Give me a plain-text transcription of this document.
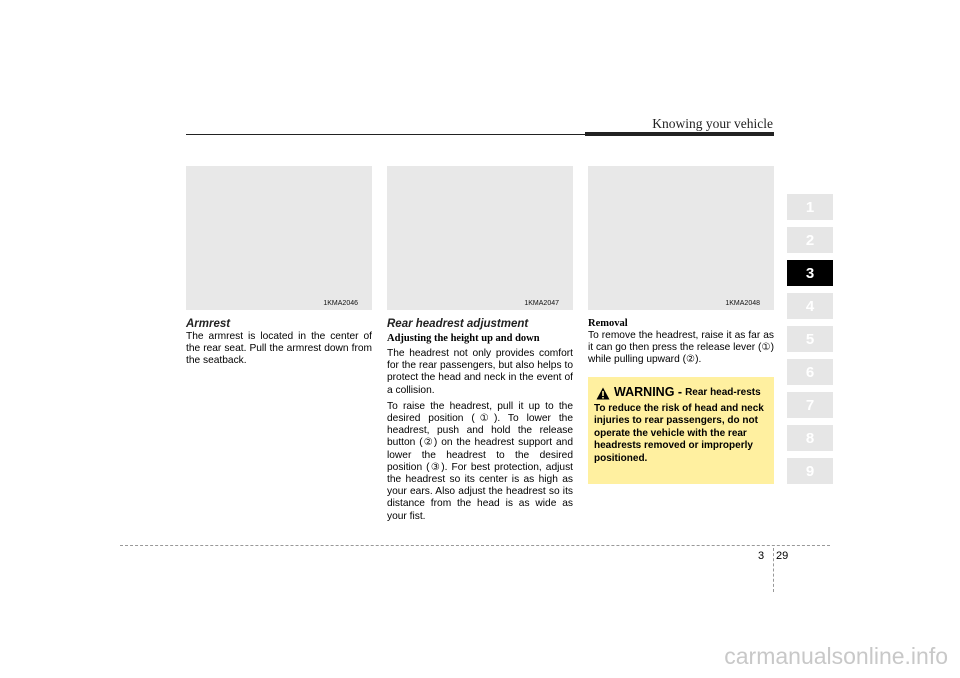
Knowing your vehicle
1KMA2046
Armrest

The armrest is located in the center of the rear seat. Pull the armrest down from the seatback.

1KMA2047
Rear headrest adjustment
Adjusting the height up and down

The headrest not only provides comfort for the rear passengers, but also helps to protect the head and neck in the event of a collision.

To raise the headrest, pull it up to the desired position (①). To lower the headrest, push and hold the release button (②) on the headrest support and lower the headrest to the desired position (③). For best protection, adjust the headrest so its center is as high as your ears. Also adjust the headrest so its distance from the head is as wide as your fist.

1KMA2048
Removal

To remove the headrest, raise it as far as it can go then press the release lever (①) while pulling upward (②).

WARNING - Rear head-rests
To reduce the risk of head and neck injuries to rear passengers, do not operate the vehicle with the rear headrests removed or improperly positioned.
1
2
3
4
5
6
7
8
9
3 29
carmanualsonline.info
